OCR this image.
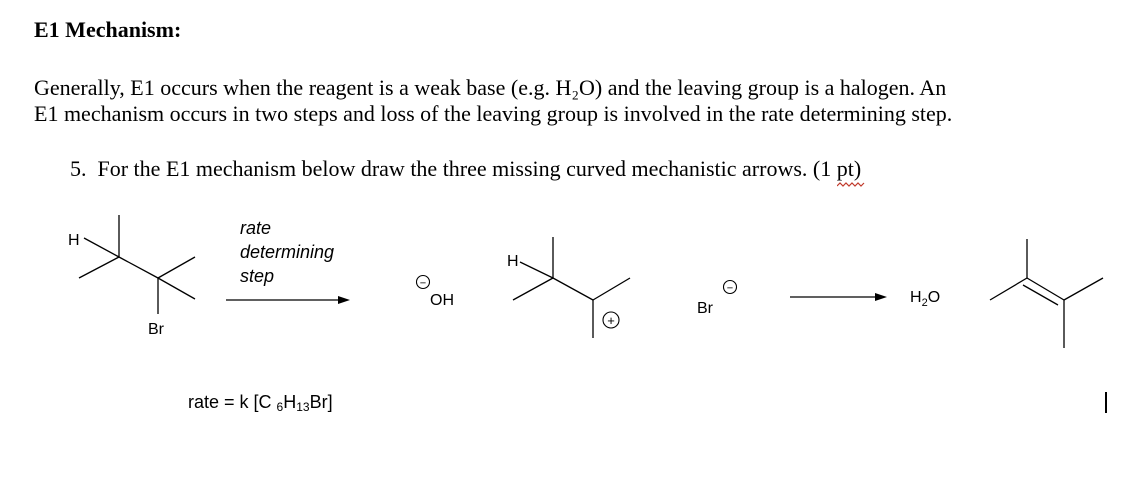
E1 Mechanism:
Generally, E1 occurs when the reagent is a weak base (e.g. H₂O) and the leaving group is a halogen. An
E1 mechanism occurs in two steps and loss of the leaving group is involved in the rate determining step.
5. For the E1 mechanism below draw the three missing curved mechanistic arrows. (1 pt
)
H
Br
rate
determining
step	−
OH
H
+
Br
−
$H_2O$
rate = k [C $_6H_{13}Br$]
